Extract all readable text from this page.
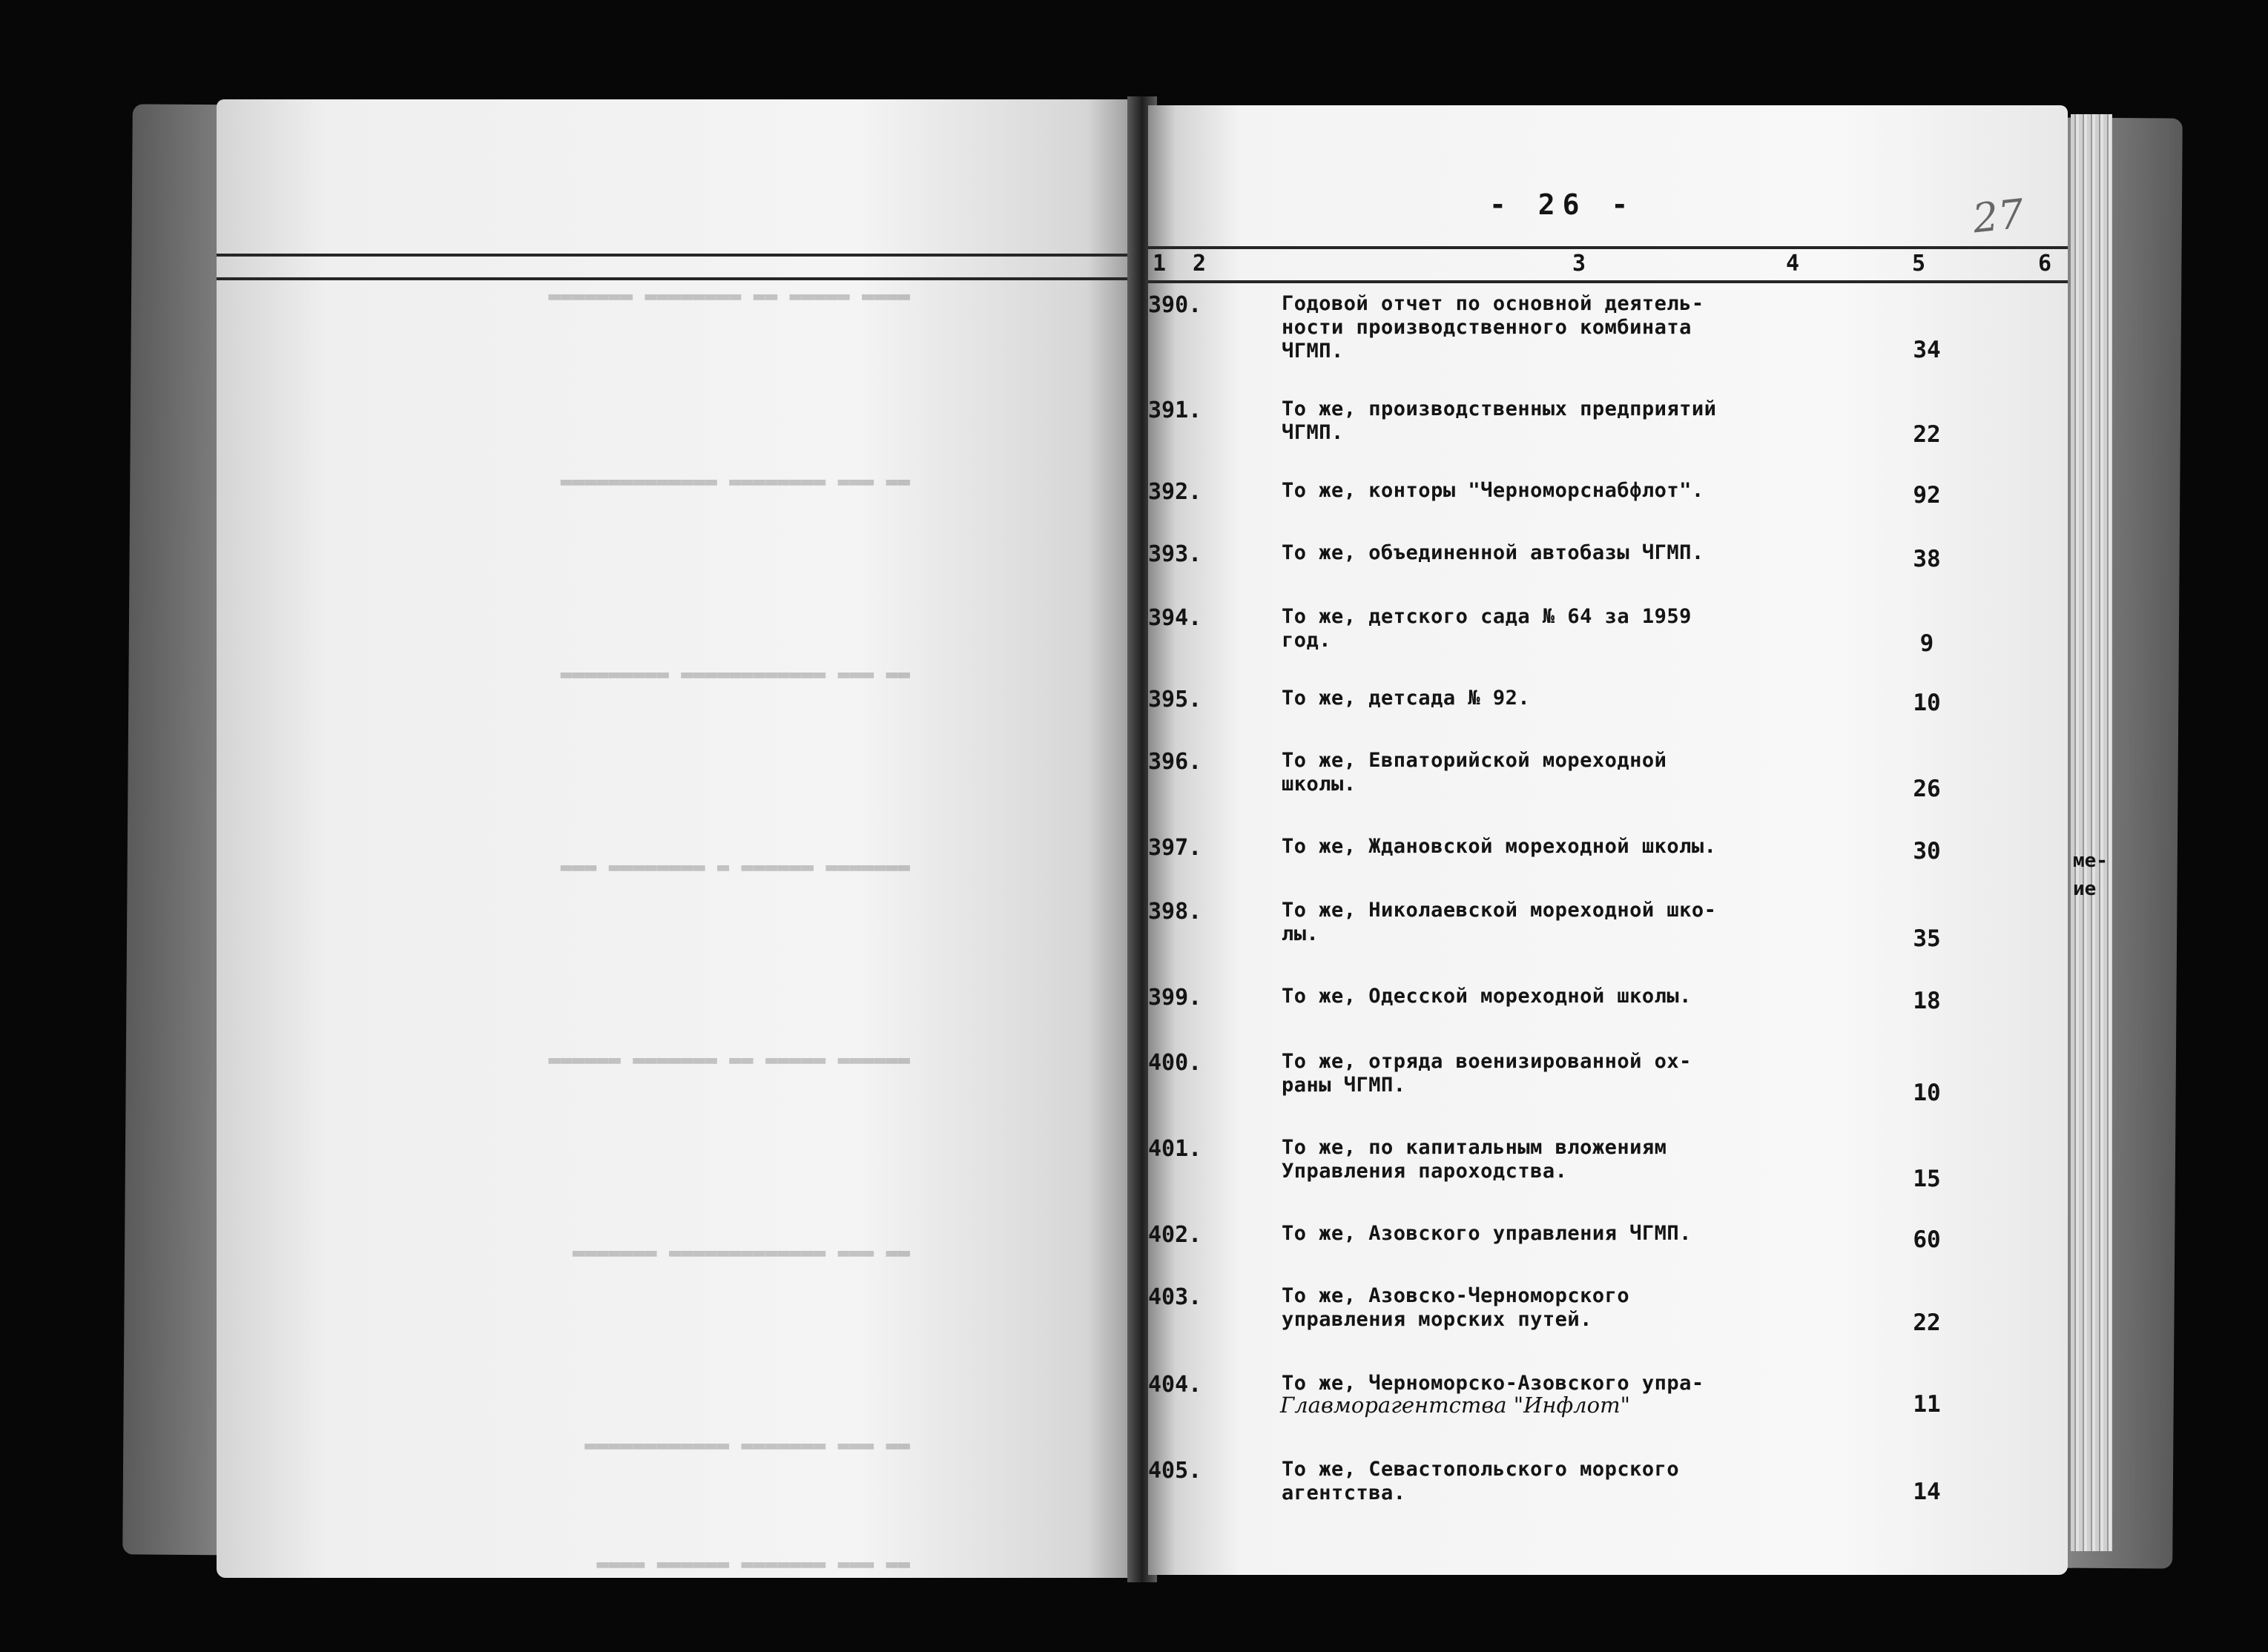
▬▬▬▬ ▬▬▬▬▬ ▬▬ ▬▬▬▬▬▬▬▬ ▬▬▬▬▬▬▬
▬▬ ▬▬▬ ▬▬▬▬▬▬▬▬ ▬▬▬▬▬▬▬▬▬▬▬▬▬
▬▬ ▬▬▬ ▬▬▬▬▬▬▬▬▬▬▬▬ ▬▬▬▬▬▬▬▬▬
▬▬▬▬▬▬▬ ▬▬▬▬▬▬ ▬ ▬▬▬▬▬▬▬▬ ▬▬▬
▬▬▬▬▬▬ ▬▬▬▬▬ ▬▬ ▬▬▬▬▬▬▬ ▬▬▬▬▬▬
▬▬ ▬▬▬ ▬▬▬▬▬▬▬▬▬▬▬▬▬ ▬▬▬▬▬▬▬
▬▬ ▬▬▬ ▬▬▬▬▬▬▬ ▬▬▬▬▬▬▬▬▬▬▬▬
▬▬ ▬▬▬ ▬▬▬▬▬▬▬ ▬▬▬▬▬▬ ▬▬▬▬
- 26 -	27
1 2	3	4	5	6
390.	Годовой отчет по основной деятель-
ности производственного комбината
ЧГМП.	34
391.	То же, производственных предприятий
ЧГМП.	22
392.	То же, конторы "Черноморснабфлот".	92
393.	То же, объединенной автобазы ЧГМП.	38
394.	То же, детского сада № 64 за 1959
год.	9
395.	То же, детсада № 92.	10
396.	То же, Евпаторийской мореходной
школы.	26
397.	То же, Ждановской мореходной школы.	30
398.	То же, Николаевской мореходной шко-
лы.	35
399.	То же, Одесской мореходной школы.	18
400.	То же, отряда военизированной ох-
раны ЧГМП.	10
401.	То же, по капитальным вложениям
Управления пароходства.	15
402.	То же, Азовского управления ЧГМП.	60
403.	То же, Азовско-Черноморского
управления морских путей.	22
404.	То же, Черноморско-Азовского упра-
Главморагентства "Инфлот"	11
405.	То же, Севастопольского морского
агентства.	14
ме-
ие
